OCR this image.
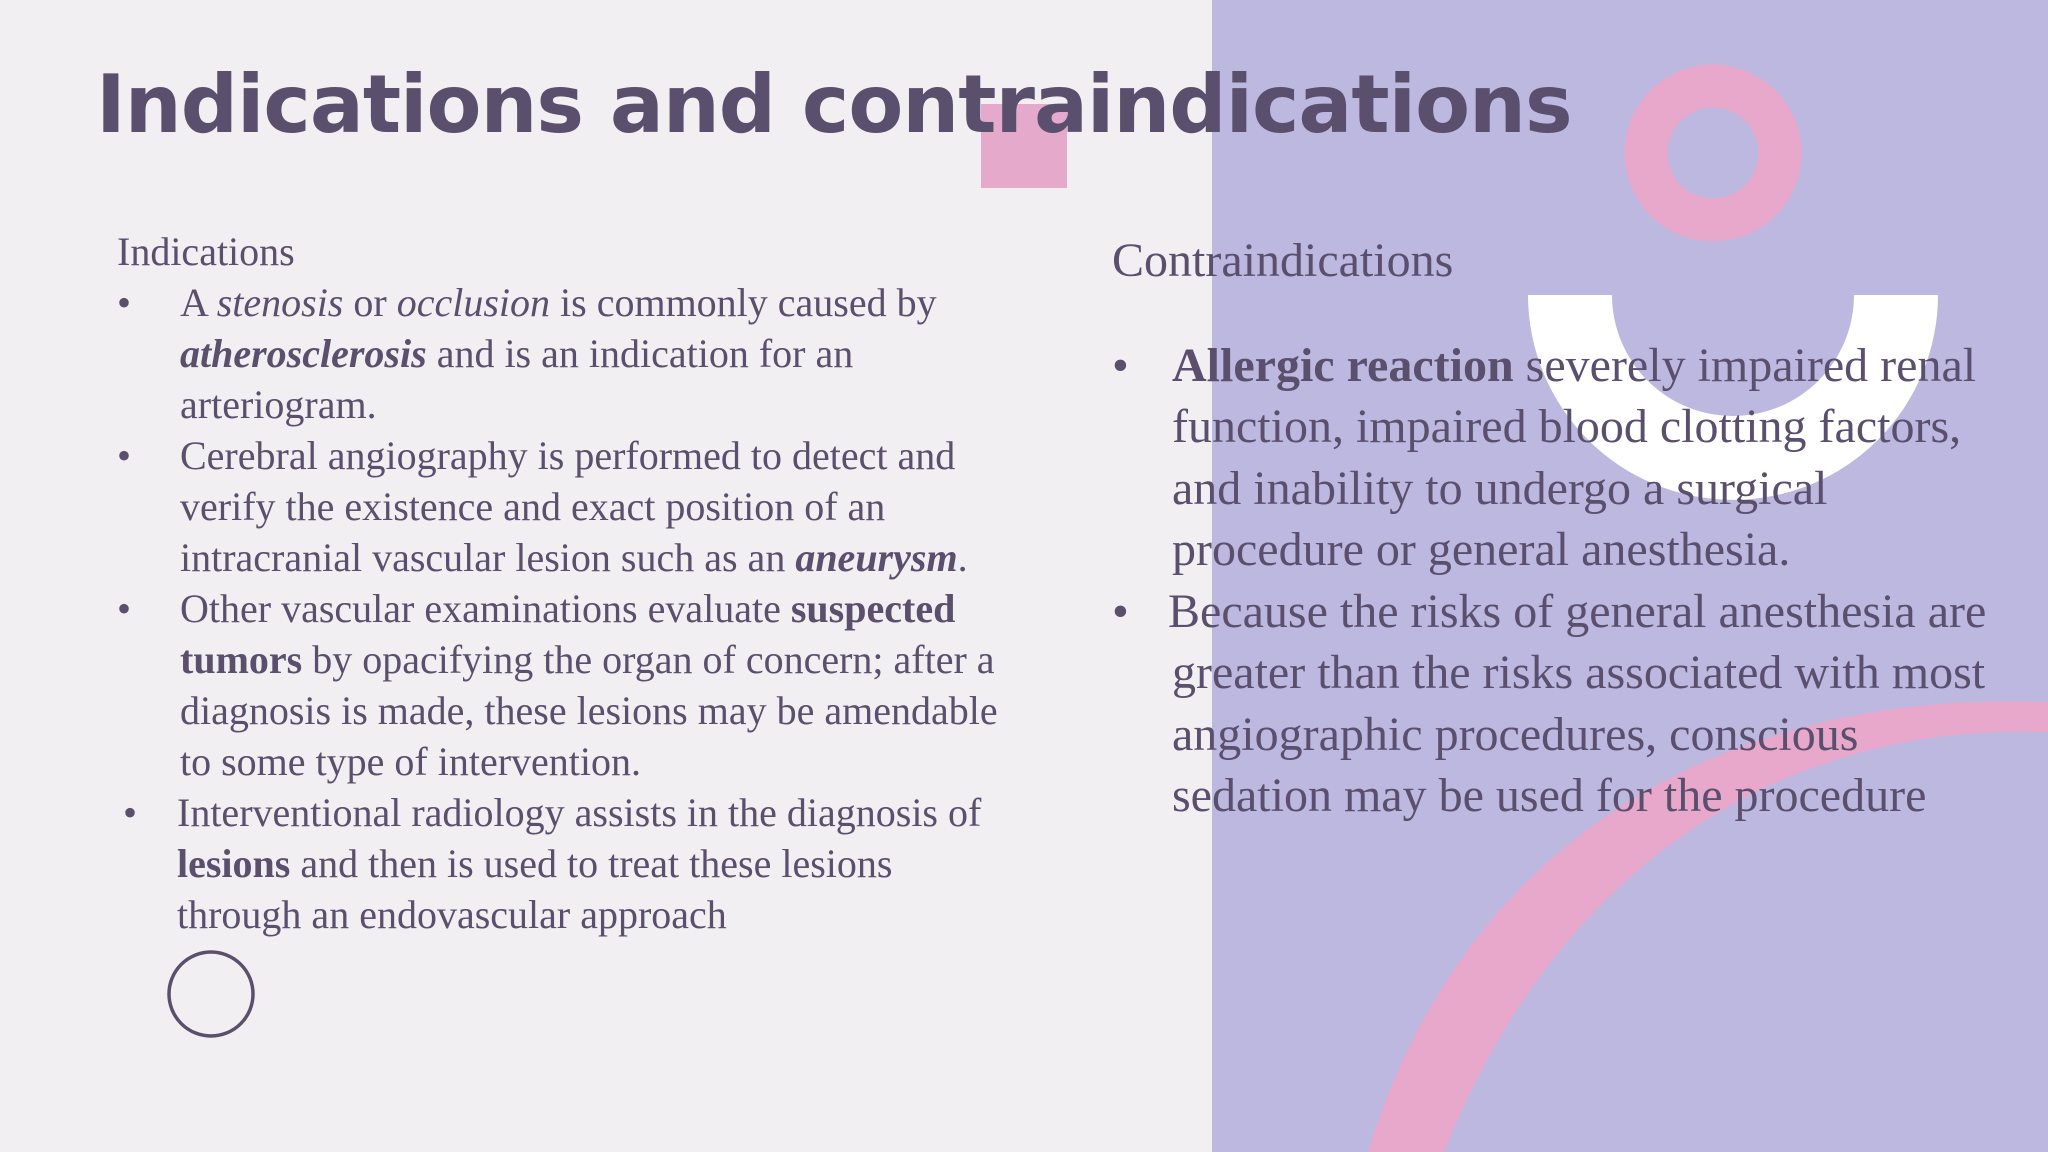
Indications and contraindications
Indications
• A stenosis or occlusion is commonly caused by atherosclerosis and is an indication for an arteriogram.
• Cerebral angiography is performed to detect and verify the existence and exact position of an intracranial vascular lesion such as an aneurysm.
• Other vascular examinations evaluate suspected tumors by opacifying the organ of concern; after a diagnosis is made, these lesions may be amendable to some type of intervention.
• Interventional radiology assists in the diagnosis of lesions and then is used to treat these lesions through an endovascular approach
Contraindications
• Allergic reaction severely impaired renal function, impaired blood clotting factors, and inability to undergo a surgical procedure or general anesthesia.
• Because the risks of general anesthesia are greater than the risks associated with most angiographic procedures, conscious sedation may be used for the procedure
